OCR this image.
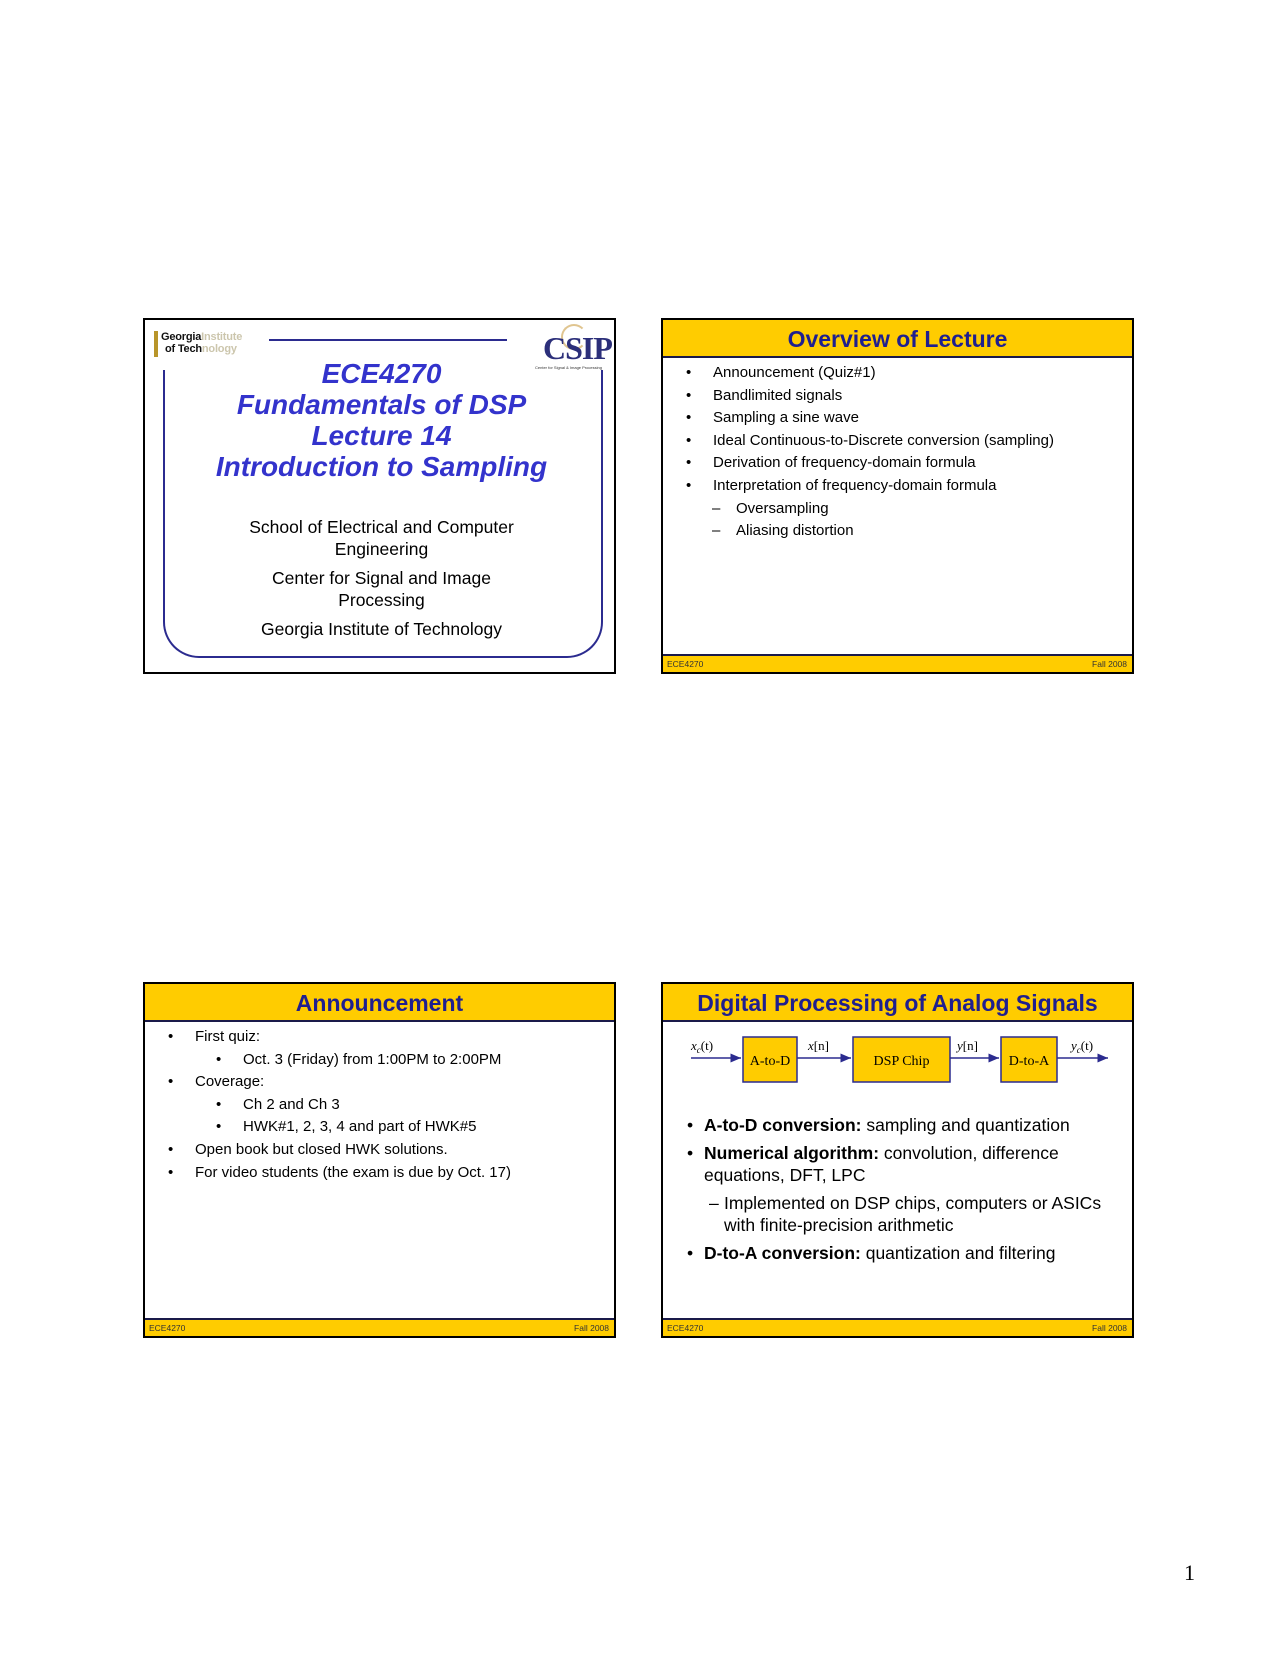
GeorgiaInstitute
of Technology	CSIP
Center for Signal & Image Processing
ECE4270
Fundamentals of DSP
Lecture 14
Introduction to Sampling
School of Electrical and Computer Engineering
Center for Signal and Image Processing
Georgia Institute of Technology
Overview of Lecture
• Announcement (Quiz#1)
• Bandlimited signals
• Sampling a sine wave
• Ideal Continuous-to-Discrete conversion (sampling)
• Derivation of frequency-domain formula
• Interpretation of frequency-domain formula
– Oversampling
– Aliasing distortion
ECE4270	Fall 2008
Announcement
• First quiz:
• Oct. 3 (Friday) from 1:00PM to 2:00PM
• Coverage:
• Ch 2 and Ch 3
• HWK#1, 2, 3, 4 and part of HWK#5
• Open book but closed HWK solutions.
• For video students (the exam is due by Oct. 17)
ECE4270	Fall 2008
Digital Processing of Analog Signals
A-to-D	DSP Chip	D-to-A
$x_c(t)$	x[n]	y[n]	$y_c(t)$
• A-to-D conversion: sampling and quantization
• Numerical algorithm: convolution, difference equations, DFT, LPC
– Implemented on DSP chips, computers or ASICs with finite-precision arithmetic
• D-to-A conversion: quantization and filtering
ECE4270	Fall 2008
1
